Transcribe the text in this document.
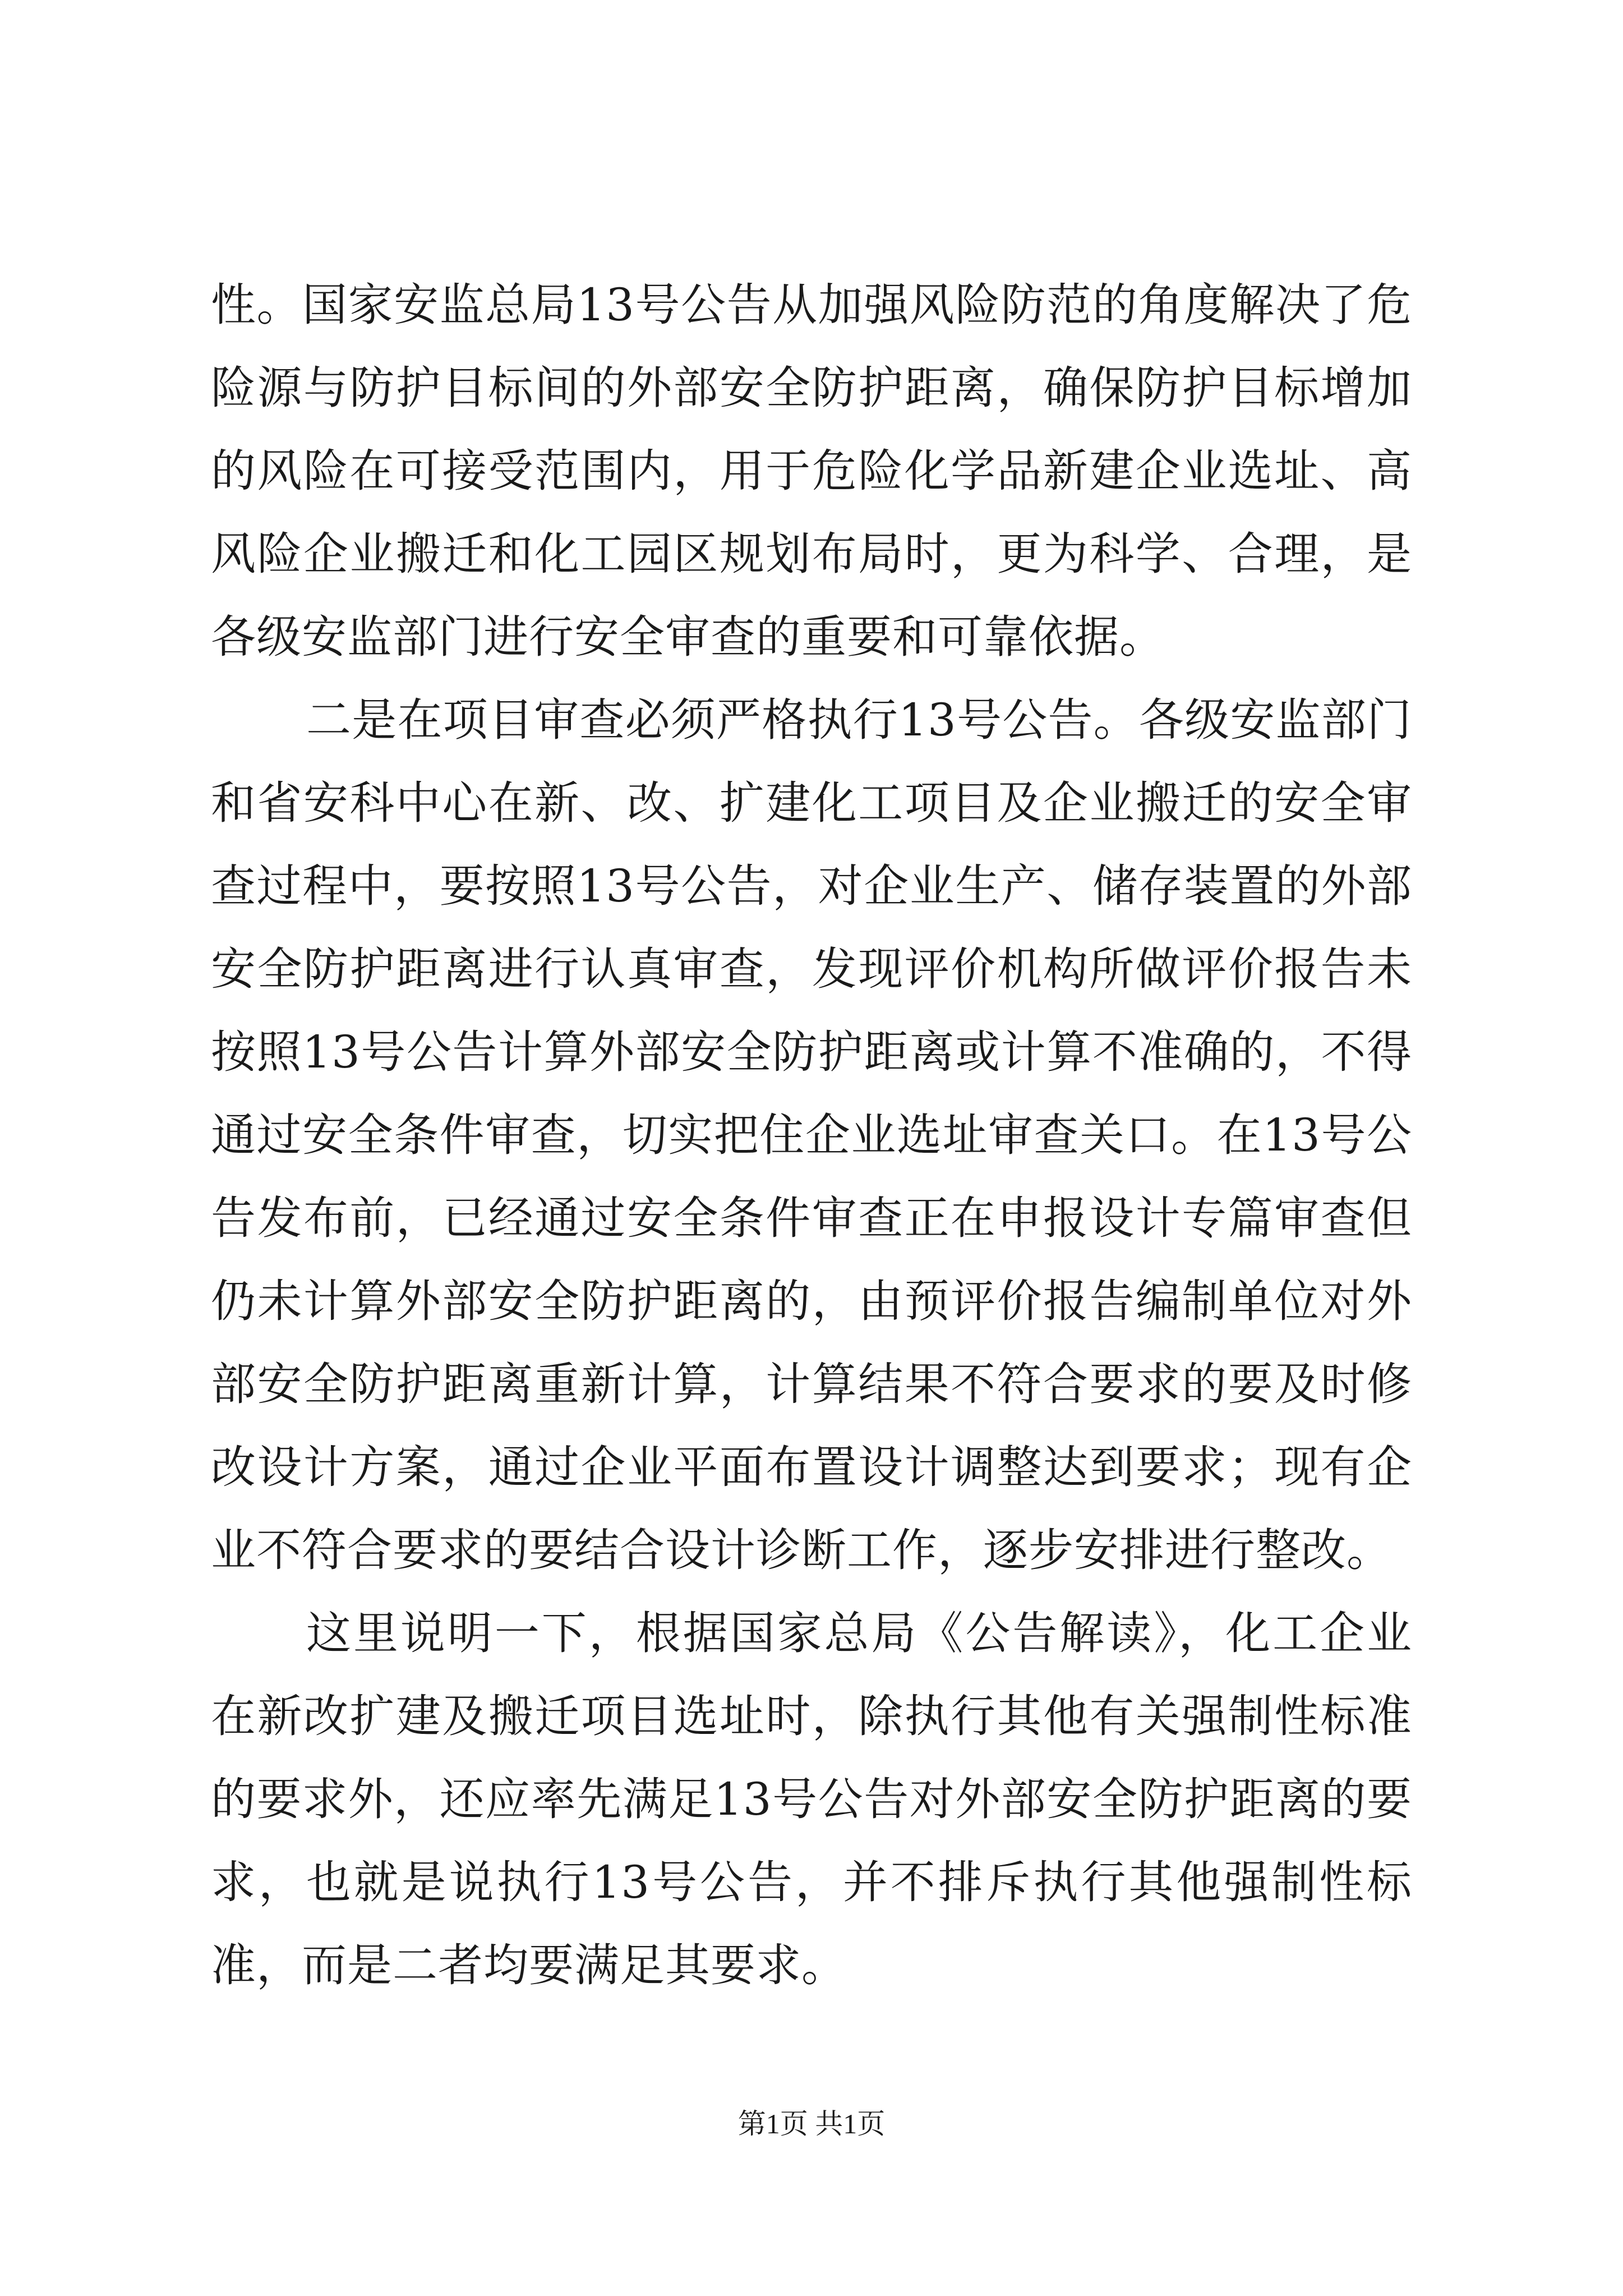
性。国家安监总局13号公告从加强风险防范的角度解决了危险源与防护目标间的外部安全防护距离，确保防护目标增加的风险在可接受范围内，用于危险化学品新建企业选址、高风险企业搬迁和化工园区规划布局时，更为科学、合理，是各级安监部门进行安全审查的重要和可靠依据。

二是在项目审查必须严格执行13号公告。各级安监部门和省安科中心在新、改、扩建化工项目及企业搬迁的安全审查过程中，要按照13号公告，对企业生产、储存装置的外部安全防护距离进行认真审查，发现评价机构所做评价报告未按照13号公告计算外部安全防护距离或计算不准确的，不得通过安全条件审查，切实把住企业选址审查关口。在13号公告发布前，已经通过安全条件审查正在申报设计专篇审查但仍未计算外部安全防护距离的，由预评价报告编制单位对外部安全防护距离重新计算，计算结果不符合要求的要及时修改设计方案，通过企业平面布置设计调整达到要求；现有企业不符合要求的要结合设计诊断工作，逐步安排进行整改。

这里说明一下，根据国家总局《公告解读》，化工企业在新改扩建及搬迁项目选址时，除执行其他有关强制性标准的要求外，还应率先满足13号公告对外部安全防护距离的要求，也就是说执行13号公告，并不排斥执行其他强制性标准，而是二者均要满足其要求。

第1页 共1页
